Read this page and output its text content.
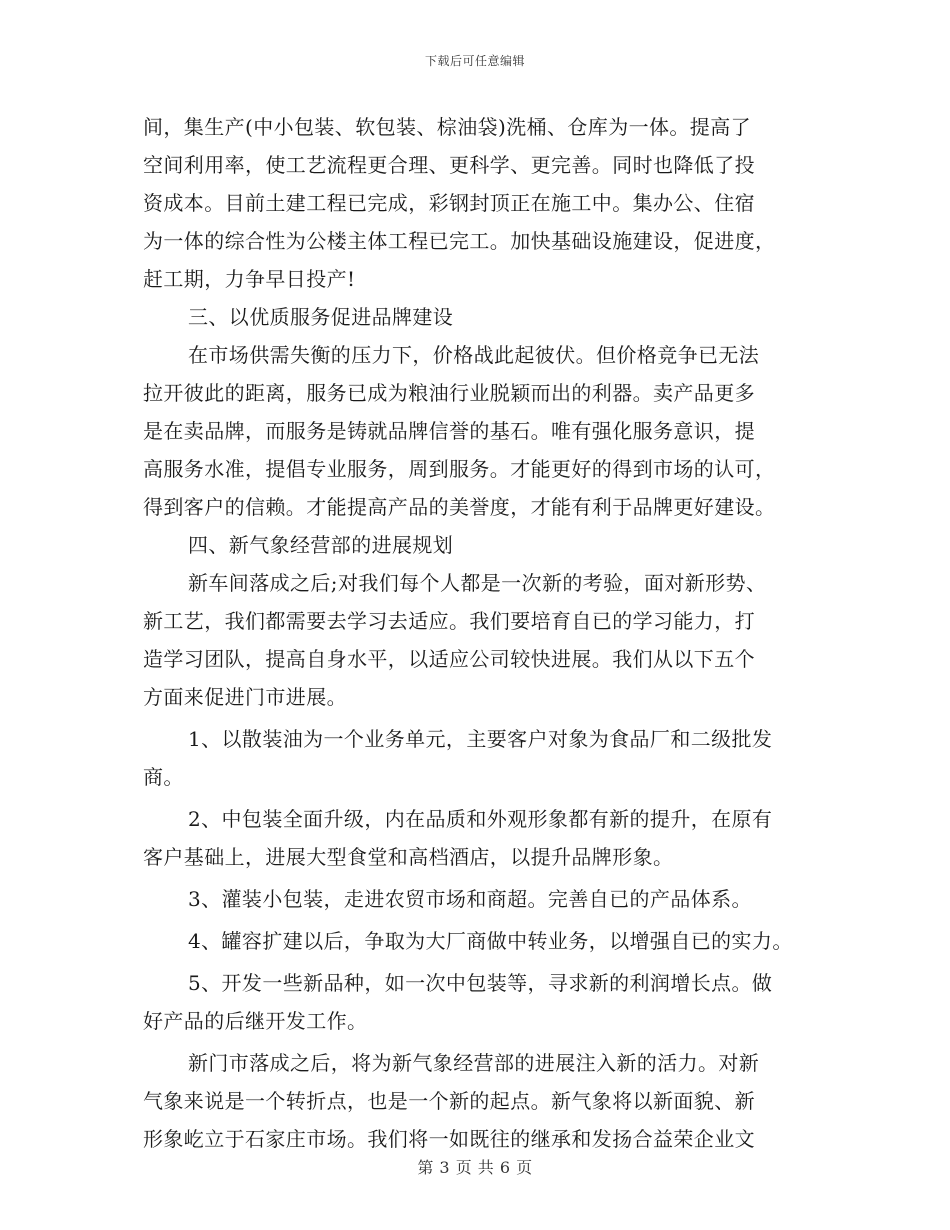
下载后可任意编辑
间，集生产(中小包装、软包装、棕油袋)洗桶、仓库为一体。提高了
空间利用率，使工艺流程更合理、更科学、更完善。同时也降低了投
资成本。目前土建工程已完成，彩钢封顶正在施工中。集办公、住宿
为一体的综合性为公楼主体工程已完工。加快基础设施建设，促进度，
赶工期，力争早日投产!
三、以优质服务促进品牌建设
在市场供需失衡的压力下，价格战此起彼伏。但价格竞争已无法
拉开彼此的距离，服务已成为粮油行业脱颖而出的利器。卖产品更多
是在卖品牌，而服务是铸就品牌信誉的基石。唯有强化服务意识，提
高服务水准，提倡专业服务，周到服务。才能更好的得到市场的认可，
得到客户的信赖。才能提高产品的美誉度，才能有利于品牌更好建设。
四、新气象经营部的进展规划
新车间落成之后;对我们每个人都是一次新的考验，面对新形势、
新工艺，我们都需要去学习去适应。我们要培育自已的学习能力，打
造学习团队，提高自身水平，以适应公司较快进展。我们从以下五个
方面来促进门市进展。
1、以散装油为一个业务单元，主要客户对象为食品厂和二级批发
商。
2、中包装全面升级，内在品质和外观形象都有新的提升，在原有
客户基础上，进展大型食堂和高档酒店，以提升品牌形象。
3、灌装小包装，走进农贸市场和商超。完善自已的产品体系。
4、罐容扩建以后，争取为大厂商做中转业务，以增强自已的实力。
5、开发一些新品种，如一次中包装等，寻求新的利润增长点。做
好产品的后继开发工作。
新门市落成之后，将为新气象经营部的进展注入新的活力。对新
气象来说是一个转折点，也是一个新的起点。新气象将以新面貌、新
形象屹立于石家庄市场。我们将一如既往的继承和发扬合益荣企业文
第 3 页 共 6 页
